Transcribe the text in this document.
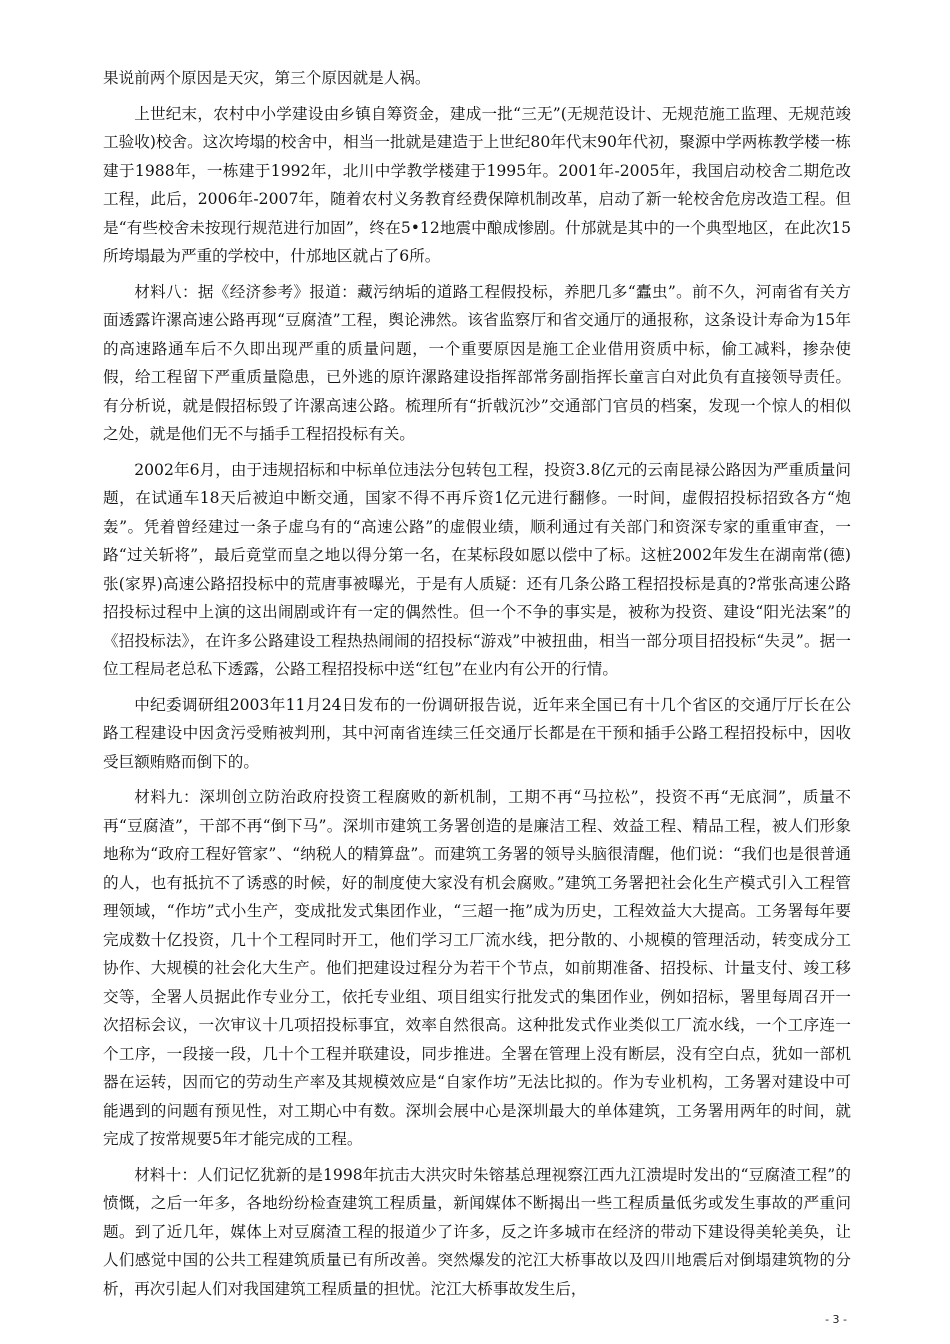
果说前两个原因是天灾，第三个原因就是人祸。

上世纪末，农村中小学建设由乡镇自筹资金，建成一批“三无”(无规范设计、无规范施工监理、无规范竣工验收)校舍。这次垮塌的校舍中，相当一批就是建造于上世纪80年代末90年代初，聚源中学两栋教学楼一栋建于1988年，一栋建于1992年，北川中学教学楼建于1995年。2001年-2005年，我国启动校舍二期危改工程，此后，2006年-2007年，随着农村义务教育经费保障机制改革，启动了新一轮校舍危房改造工程。但是“有些校舍未按现行规范进行加固”，终在5•12地震中酿成惨剧。什邡就是其中的一个典型地区，在此次15所垮塌最为严重的学校中，什邡地区就占了6所。

材料八：据《经济参考》报道：藏污纳垢的道路工程假投标，养肥几多“蠹虫”。前不久，河南省有关方面透露许漯高速公路再现“豆腐渣”工程，舆论沸然。该省监察厅和省交通厅的通报称，这条设计寿命为15年的高速路通车后不久即出现严重的质量问题，一个重要原因是施工企业借用资质中标，偷工减料，掺杂使假，给工程留下严重质量隐患，已外逃的原许漯路建设指挥部常务副指挥长童言白对此负有直接领导责任。有分析说，就是假招标毁了许漯高速公路。梳理所有“折戟沉沙”交通部门官员的档案，发现一个惊人的相似之处，就是他们无不与插手工程招投标有关。

2002年6月，由于违规招标和中标单位违法分包转包工程，投资3.8亿元的云南昆禄公路因为严重质量问题，在试通车18天后被迫中断交通，国家不得不再斥资1亿元进行翻修。一时间，虚假招投标招致各方“炮轰”。凭着曾经建过一条子虚乌有的“高速公路”的虚假业绩，顺利通过有关部门和资深专家的重重审查，一路“过关斩将”，最后竟堂而皇之地以得分第一名，在某标段如愿以偿中了标。这桩2002年发生在湖南常(德)张(家界)高速公路招投标中的荒唐事被曝光，于是有人质疑：还有几条公路工程招投标是真的?常张高速公路招投标过程中上演的这出闹剧或许有一定的偶然性。但一个不争的事实是，被称为投资、建设“阳光法案”的《招投标法》，在许多公路建设工程热热闹闹的招投标“游戏”中被扭曲，相当一部分项目招投标“失灵”。据一位工程局老总私下透露，公路工程招投标中送“红包”在业内有公开的行情。

中纪委调研组2003年11月24日发布的一份调研报告说，近年来全国已有十几个省区的交通厅厅长在公路工程建设中因贪污受贿被判刑，其中河南省连续三任交通厅长都是在干预和插手公路工程招投标中，因收受巨额贿赂而倒下的。

材料九：深圳创立防治政府投资工程腐败的新机制，工期不再“马拉松”，投资不再“无底洞”，质量不再“豆腐渣”，干部不再“倒下马”。深圳市建筑工务署创造的是廉洁工程、效益工程、精品工程，被人们形象地称为“政府工程好管家”、“纳税人的精算盘”。而建筑工务署的领导头脑很清醒，他们说：“我们也是很普通的人，也有抵抗不了诱惑的时候，好的制度使大家没有机会腐败。”建筑工务署把社会化生产模式引入工程管理领域，“作坊”式小生产，变成批发式集团作业，“三超一拖”成为历史，工程效益大大提高。工务署每年要完成数十亿投资，几十个工程同时开工，他们学习工厂流水线，把分散的、小规模的管理活动，转变成分工协作、大规模的社会化大生产。他们把建设过程分为若干个节点，如前期准备、招投标、计量支付、竣工移交等，全署人员据此作专业分工，依托专业组、项目组实行批发式的集团作业，例如招标，署里每周召开一次招标会议，一次审议十几项招投标事宜，效率自然很高。这种批发式作业类似工厂流水线，一个工序连一个工序，一段接一段，几十个工程并联建设，同步推进。全署在管理上没有断层，没有空白点，犹如一部机器在运转，因而它的劳动生产率及其规模效应是“自家作坊”无法比拟的。作为专业机构，工务署对建设中可能遇到的问题有预见性，对工期心中有数。深圳会展中心是深圳最大的单体建筑，工务署用两年的时间，就完成了按常规要5年才能完成的工程。

材料十：人们记忆犹新的是1998年抗击大洪灾时朱镕基总理视察江西九江溃堤时发出的“豆腐渣工程”的愤慨，之后一年多，各地纷纷检查建筑工程质量，新闻媒体不断揭出一些工程质量低劣或发生事故的严重问题。到了近几年，媒体上对豆腐渣工程的报道少了许多，反之许多城市在经济的带动下建设得美轮美奂，让人们感觉中国的公共工程建筑质量已有所改善。突然爆发的沱江大桥事故以及四川地震后对倒塌建筑物的分析，再次引起人们对我国建筑工程质量的担忧。沱江大桥事故发生后，

- 3 -
